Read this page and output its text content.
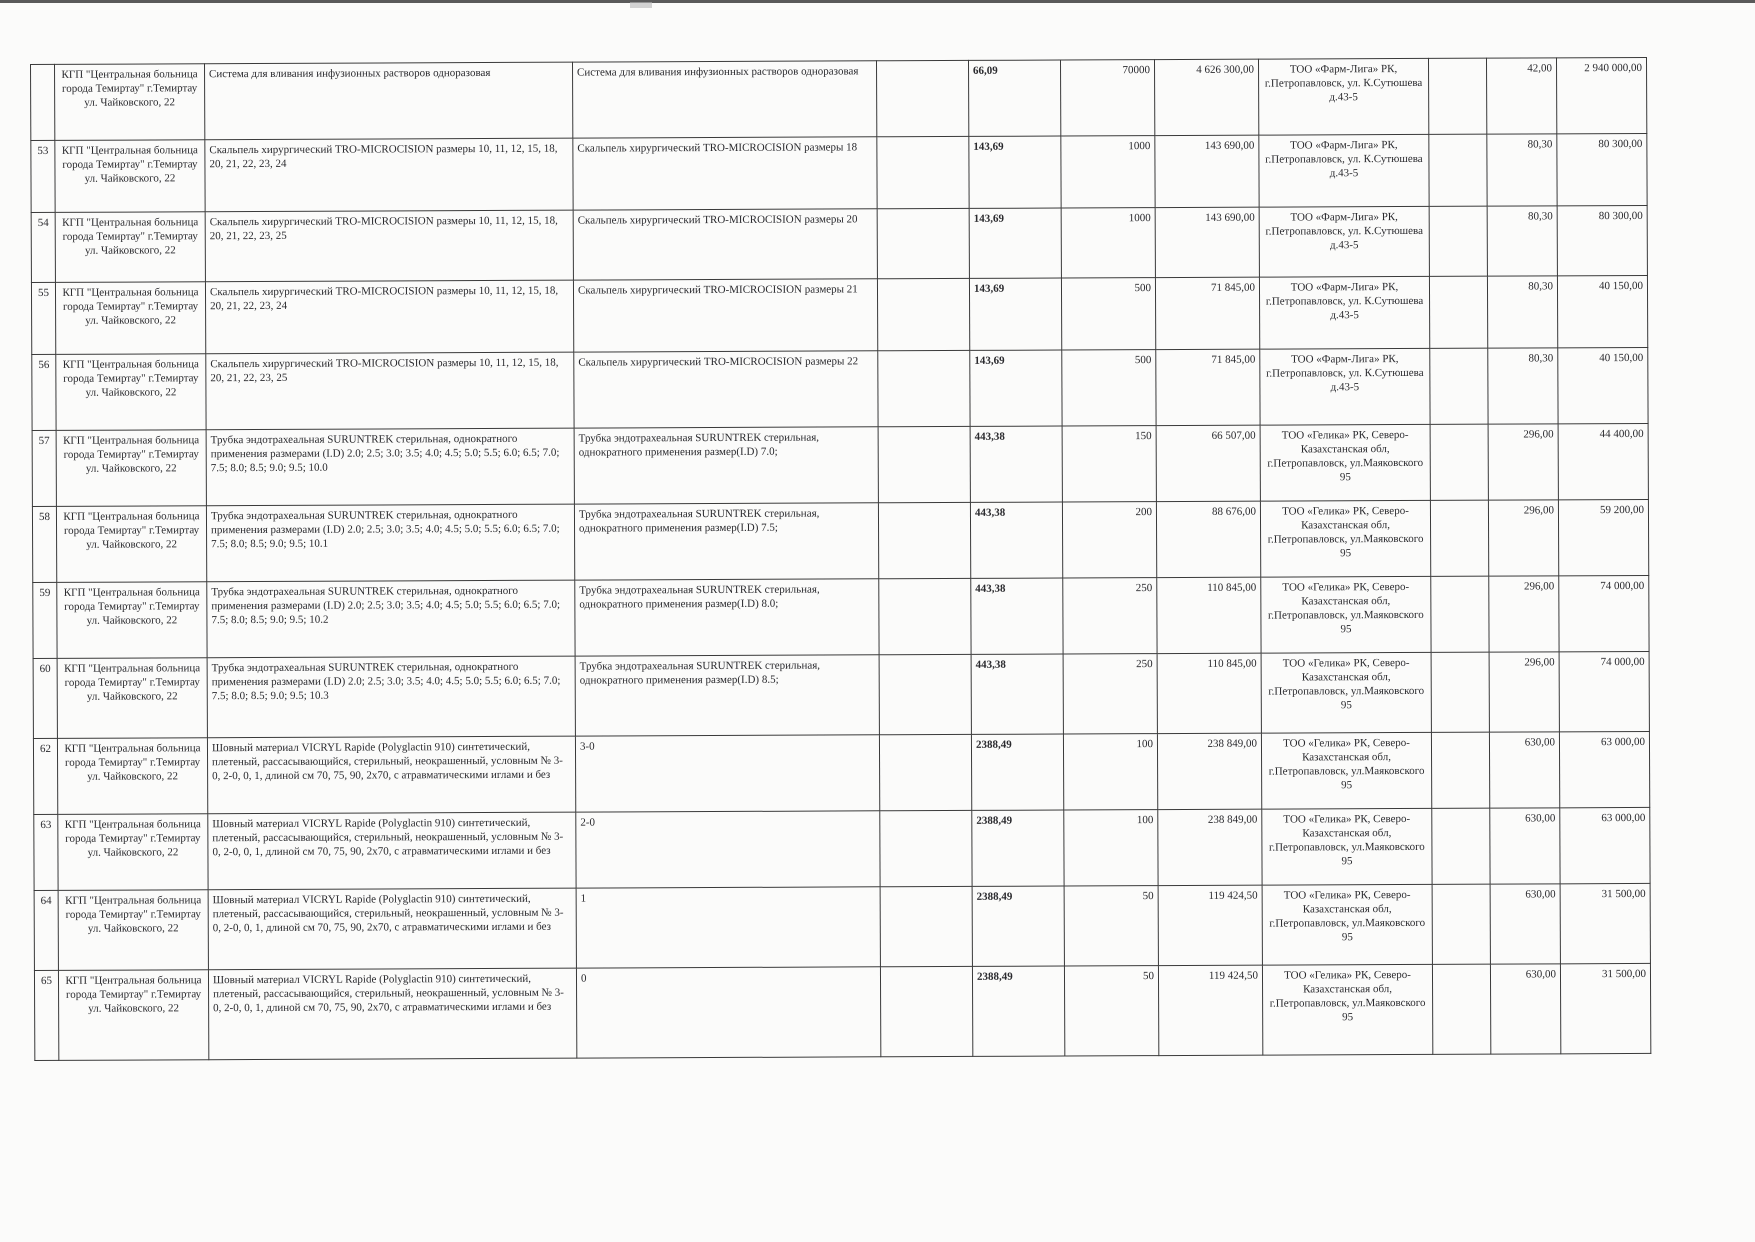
	КГП "Центральная больница города Темиртау" г.Темиртау ул. Чайковского, 22	Система для вливания инфузионных растворов одноразовая	Система для вливания инфузионных растворов одноразовая		66,09	70000	4 626 300,00	ТОО «Фарм-Лига» РК, г.Петропавловск, ул. К.Сутюшева д.43-5		42,00	2 940 000,00
53	КГП "Центральная больница города Темиртау" г.Темиртау ул. Чайковского, 22	Скальпель хирургический TRO-MICROCISION размеры 10, 11, 12, 15, 18, 20, 21, 22, 23, 24	Скальпель хирургический TRO-MICROCISION размеры 18		143,69	1000	143 690,00	ТОО «Фарм-Лига» РК, г.Петропавловск, ул. К.Сутюшева д.43-5		80,30	80 300,00
54	КГП "Центральная больница города Темиртау" г.Темиртау ул. Чайковского, 22	Скальпель хирургический TRO-MICROCISION размеры 10, 11, 12, 15, 18, 20, 21, 22, 23, 25	Скальпель хирургический TRO-MICROCISION размеры 20		143,69	1000	143 690,00	ТОО «Фарм-Лига» РК, г.Петропавловск, ул. К.Сутюшева д.43-5		80,30	80 300,00
55	КГП "Центральная больница города Темиртау" г.Темиртау ул. Чайковского, 22	Скальпель хирургический TRO-MICROCISION размеры 10, 11, 12, 15, 18, 20, 21, 22, 23, 24	Скальпель хирургический TRO-MICROCISION размеры 21		143,69	500	71 845,00	ТОО «Фарм-Лига» РК, г.Петропавловск, ул. К.Сутюшева д.43-5		80,30	40 150,00
56	КГП "Центральная больница города Темиртау" г.Темиртау ул. Чайковского, 22	Скальпель хирургический TRO-MICROCISION размеры 10, 11, 12, 15, 18, 20, 21, 22, 23, 25	Скальпель хирургический TRO-MICROCISION размеры 22		143,69	500	71 845,00	ТОО «Фарм-Лига» РК, г.Петропавловск, ул. К.Сутюшева д.43-5		80,30	40 150,00
57	КГП "Центральная больница города Темиртау" г.Темиртау ул. Чайковского, 22	Трубка эндотрахеальная SURUNTREK стерильная, однократного применения размерами (I.D) 2.0; 2.5; 3.0; 3.5; 4.0; 4.5; 5.0; 5.5; 6.0; 6.5; 7.0; 7.5; 8.0; 8.5; 9.0; 9.5; 10.0	Трубка эндотрахеальная SURUNTREK стерильная, однократного применения размер(I.D) 7.0;		443,38	150	66 507,00	ТОО «Гелика» РК, Северо-Казахстанская обл, г.Петропавловск, ул.Маяковского 95		296,00	44 400,00
58	КГП "Центральная больница города Темиртау" г.Темиртау ул. Чайковского, 22	Трубка эндотрахеальная SURUNTREK стерильная, однократного применения размерами (I.D) 2.0; 2.5; 3.0; 3.5; 4.0; 4.5; 5.0; 5.5; 6.0; 6.5; 7.0; 7.5; 8.0; 8.5; 9.0; 9.5; 10.1	Трубка эндотрахеальная SURUNTREK стерильная, однократного применения размер(I.D) 7.5;		443,38	200	88 676,00	ТОО «Гелика» РК, Северо-Казахстанская обл, г.Петропавловск, ул.Маяковского 95		296,00	59 200,00
59	КГП "Центральная больница города Темиртау" г.Темиртау ул. Чайковского, 22	Трубка эндотрахеальная SURUNTREK стерильная, однократного применения размерами (I.D) 2.0; 2.5; 3.0; 3.5; 4.0; 4.5; 5.0; 5.5; 6.0; 6.5; 7.0; 7.5; 8.0; 8.5; 9.0; 9.5; 10.2	Трубка эндотрахеальная SURUNTREK стерильная, однократного применения размер(I.D) 8.0;		443,38	250	110 845,00	ТОО «Гелика» РК, Северо-Казахстанская обл, г.Петропавловск, ул.Маяковского 95		296,00	74 000,00
60	КГП "Центральная больница города Темиртау" г.Темиртау ул. Чайковского, 22	Трубка эндотрахеальная SURUNTREK стерильная, однократного применения размерами (I.D) 2.0; 2.5; 3.0; 3.5; 4.0; 4.5; 5.0; 5.5; 6.0; 6.5; 7.0; 7.5; 8.0; 8.5; 9.0; 9.5; 10.3	Трубка эндотрахеальная SURUNTREK стерильная, однократного применения размер(I.D) 8.5;		443,38	250	110 845,00	ТОО «Гелика» РК, Северо-Казахстанская обл, г.Петропавловск, ул.Маяковского 95		296,00	74 000,00
62	КГП "Центральная больница города Темиртау" г.Темиртау ул. Чайковского, 22	Шовный материал VICRYL Rapide (Polyglactin 910) синтетический, плетеный, рассасывающийся, стерильный, неокрашенный, условным № 3-0, 2-0, 0, 1, длиной см 70, 75, 90, 2x70, с атравматическими иглами и без	3-0		2388,49	100	238 849,00	ТОО «Гелика» РК, Северо-Казахстанская обл, г.Петропавловск, ул.Маяковского 95		630,00	63 000,00
63	КГП "Центральная больница города Темиртау" г.Темиртау ул. Чайковского, 22	Шовный материал VICRYL Rapide (Polyglactin 910) синтетический, плетеный, рассасывающийся, стерильный, неокрашенный, условным № 3-0, 2-0, 0, 1, длиной см 70, 75, 90, 2x70, с атравматическими иглами и без	2-0		2388,49	100	238 849,00	ТОО «Гелика» РК, Северо-Казахстанская обл, г.Петропавловск, ул.Маяковского 95		630,00	63 000,00
64	КГП "Центральная больница города Темиртау" г.Темиртау ул. Чайковского, 22	Шовный материал VICRYL Rapide (Polyglactin 910) синтетический, плетеный, рассасывающийся, стерильный, неокрашенный, условным № 3-0, 2-0, 0, 1, длиной см 70, 75, 90, 2x70, с атравматическими иглами и без	1		2388,49	50	119 424,50	ТОО «Гелика» РК, Северо-Казахстанская обл, г.Петропавловск, ул.Маяковского 95		630,00	31 500,00
65	КГП "Центральная больница города Темиртау" г.Темиртау ул. Чайковского, 22	Шовный материал VICRYL Rapide (Polyglactin 910) синтетический, плетеный, рассасывающийся, стерильный, неокрашенный, условным № 3-0, 2-0, 0, 1, длиной см 70, 75, 90, 2x70, с атравматическими иглами и без	0		2388,49	50	119 424,50	ТОО «Гелика» РК, Северо-Казахстанская обл, г.Петропавловск, ул.Маяковского 95		630,00	31 500,00
